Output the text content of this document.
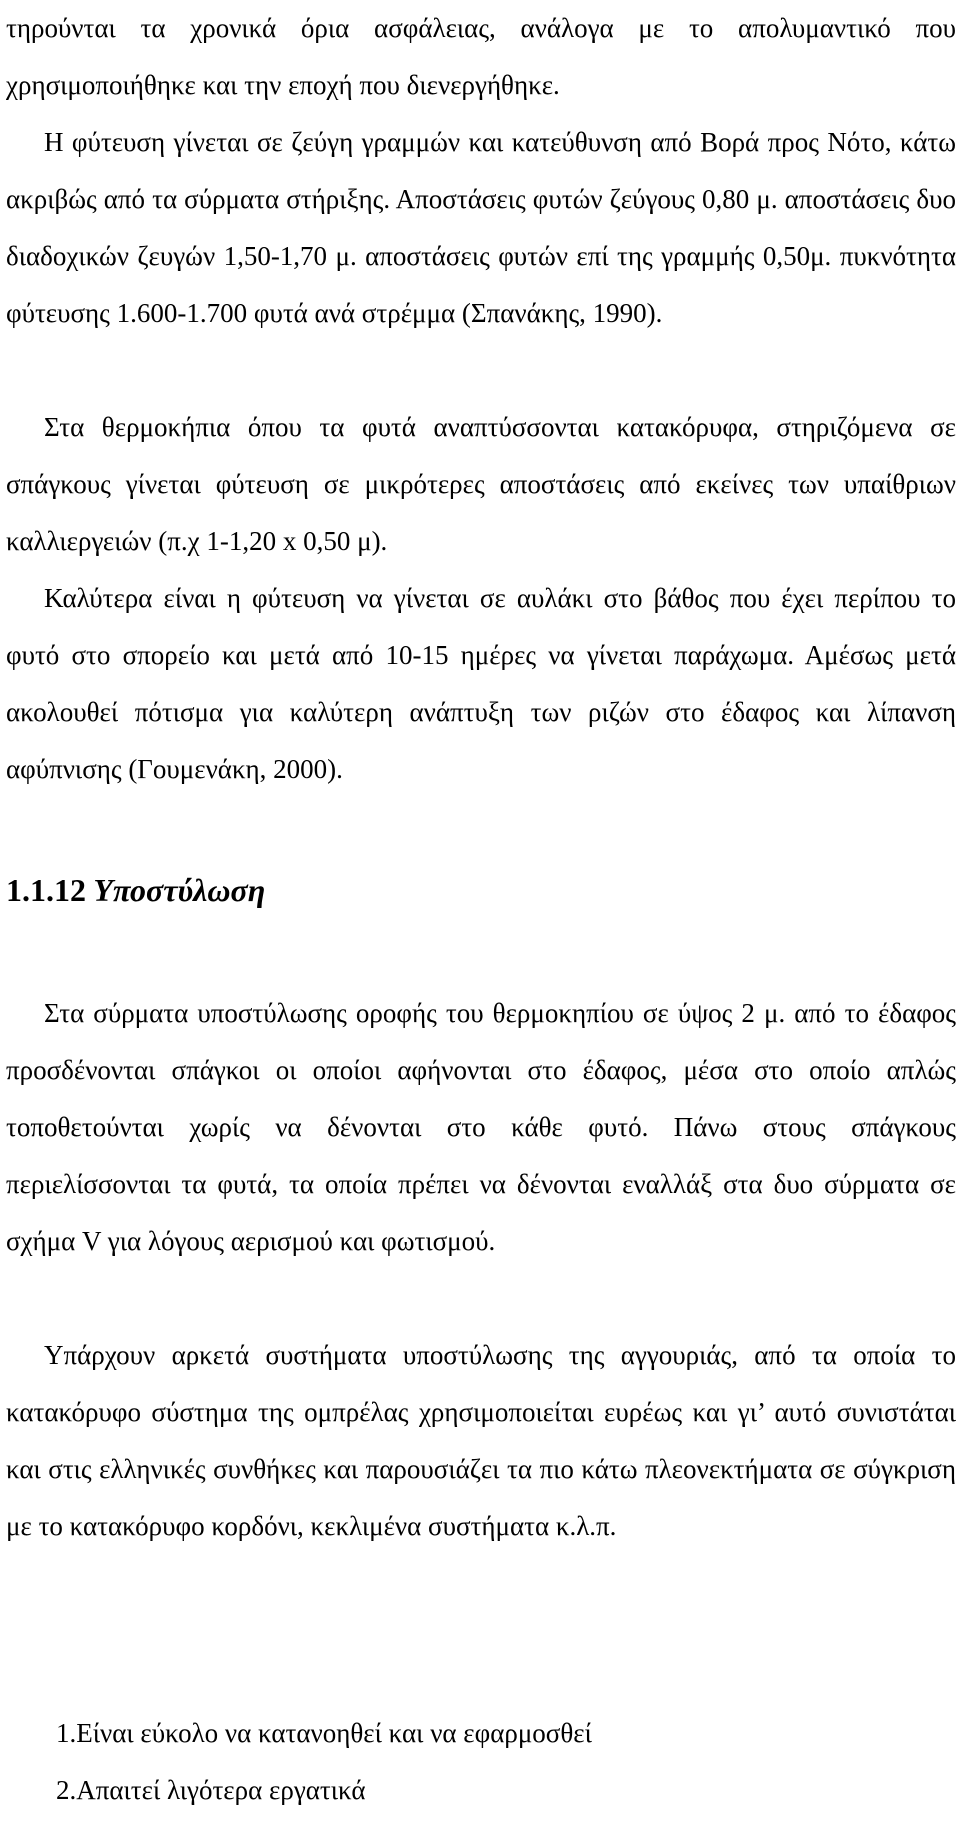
τηρούνται τα χρονικά όρια ασφάλειας, ανάλογα με το απολυμαντικό που χρησιμοποιήθηκε και την εποχή που διενεργήθηκε.

Η φύτευση γίνεται σε ζεύγη γραμμών και κατεύθυνση από Βορά προς Νότο, κάτω ακριβώς από τα σύρματα στήριξης. Αποστάσεις φυτών ζεύγους 0,80 μ. αποστάσεις δυο διαδοχικών ζευγών 1,50-1,70 μ. αποστάσεις φυτών επί της γραμμής 0,50μ. πυκνότητα φύτευσης 1.600-1.700 φυτά ανά στρέμμα (Σπανάκης, 1990).

Στα θερμοκήπια όπου τα φυτά αναπτύσσονται κατακόρυφα, στηριζόμενα σε σπάγκους γίνεται φύτευση σε μικρότερες αποστάσεις από εκείνες των υπαίθριων καλλιεργειών (π.χ 1-1,20 x 0,50 μ).

Καλύτερα είναι η φύτευση να γίνεται σε αυλάκι στο βάθος που έχει περίπου το φυτό στο σπορείο και μετά από 10-15 ημέρες να γίνεται παράχωμα. Αμέσως μετά ακολουθεί πότισμα για καλύτερη ανάπτυξη των ριζών στο έδαφος και λίπανση αφύπνισης (Γουμενάκη, 2000).

1.1.12 Υποστύλωση

Στα σύρματα υποστύλωσης οροφής του θερμοκηπίου σε ύψος 2 μ. από το έδαφος προσδένονται σπάγκοι οι οποίοι αφήνονται στο έδαφος, μέσα στο οποίο απλώς τοποθετούνται χωρίς να δένονται στο κάθε φυτό. Πάνω στους σπάγκους περιελίσσονται τα φυτά, τα οποία πρέπει να δένονται εναλλάξ στα δυο σύρματα σε σχήμα V για λόγους αερισμού και φωτισμού.

Υπάρχουν αρκετά συστήματα υποστύλωσης της αγγουριάς, από τα οποία το κατακόρυφο σύστημα της ομπρέλας χρησιμοποιείται ευρέως και γι’ αυτό συνιστάται και στις ελληνικές συνθήκες και παρουσιάζει τα πιο κάτω πλεονεκτήματα σε σύγκριση με το κατακόρυφο κορδόνι, κεκλιμένα συστήματα κ.λ.π.

1.Είναι εύκολο να κατανοηθεί και να εφαρμοσθεί
2.Απαιτεί λιγότερα εργατικά
